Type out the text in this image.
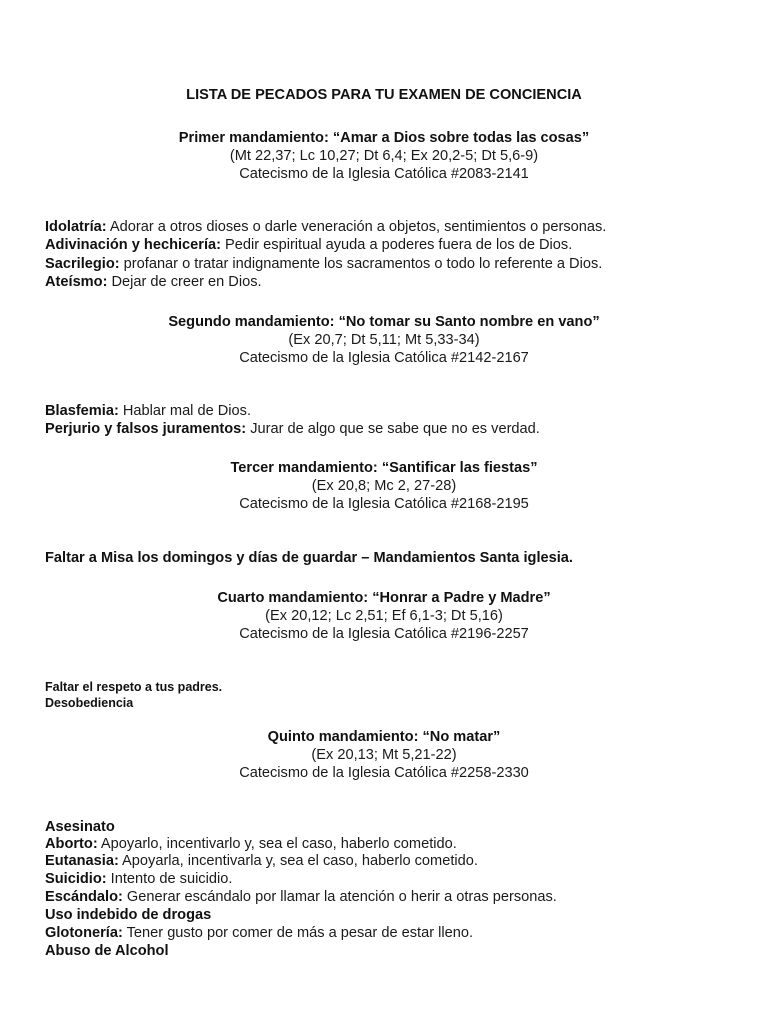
LISTA DE PECADOS PARA TU EXAMEN DE CONCIENCIA
Primer mandamiento: “Amar a Dios sobre todas las cosas”
(Mt 22,37; Lc 10,27; Dt 6,4; Ex 20,2-5; Dt 5,6-9)
Catecismo de la Iglesia Católica #2083-2141
Idolatría: Adorar a otros dioses o darle veneración a objetos, sentimientos o personas.
Adivinación y hechicería: Pedir espiritual ayuda a poderes fuera de los de Dios.
Sacrilegio: profanar o tratar indignamente los sacramentos o todo lo referente a Dios.
Ateísmo: Dejar de creer en Dios.
Segundo mandamiento: “No tomar su Santo nombre en vano”
(Ex 20,7; Dt 5,11; Mt 5,33-34)
Catecismo de la Iglesia Católica #2142-2167
Blasfemia: Hablar mal de Dios.
Perjurio y falsos juramentos: Jurar de algo que se sabe que no es verdad.
Tercer mandamiento: “Santificar las fiestas”
(Ex 20,8; Mc 2, 27-28)
Catecismo de la Iglesia Católica #2168-2195
Faltar a Misa los domingos y días de guardar – Mandamientos Santa iglesia.
Cuarto mandamiento: “Honrar a Padre y Madre”
(Ex 20,12; Lc 2,51; Ef 6,1-3; Dt 5,16)
Catecismo de la Iglesia Católica #2196-2257
Faltar el respeto a tus padres.
Desobediencia
Quinto mandamiento: “No matar”
(Ex 20,13; Mt 5,21-22)
Catecismo de la Iglesia Católica #2258-2330
Asesinato
Aborto: Apoyarlo, incentivarlo y, sea el caso, haberlo cometido.
Eutanasia: Apoyarla, incentivarla y, sea el caso, haberlo cometido.
Suicidio: Intento de suicidio.
Escándalo: Generar escándalo por llamar la atención o herir a otras personas.
Uso indebido de drogas
Glotonería: Tener gusto por comer de más a pesar de estar lleno.
Abuso de Alcohol
